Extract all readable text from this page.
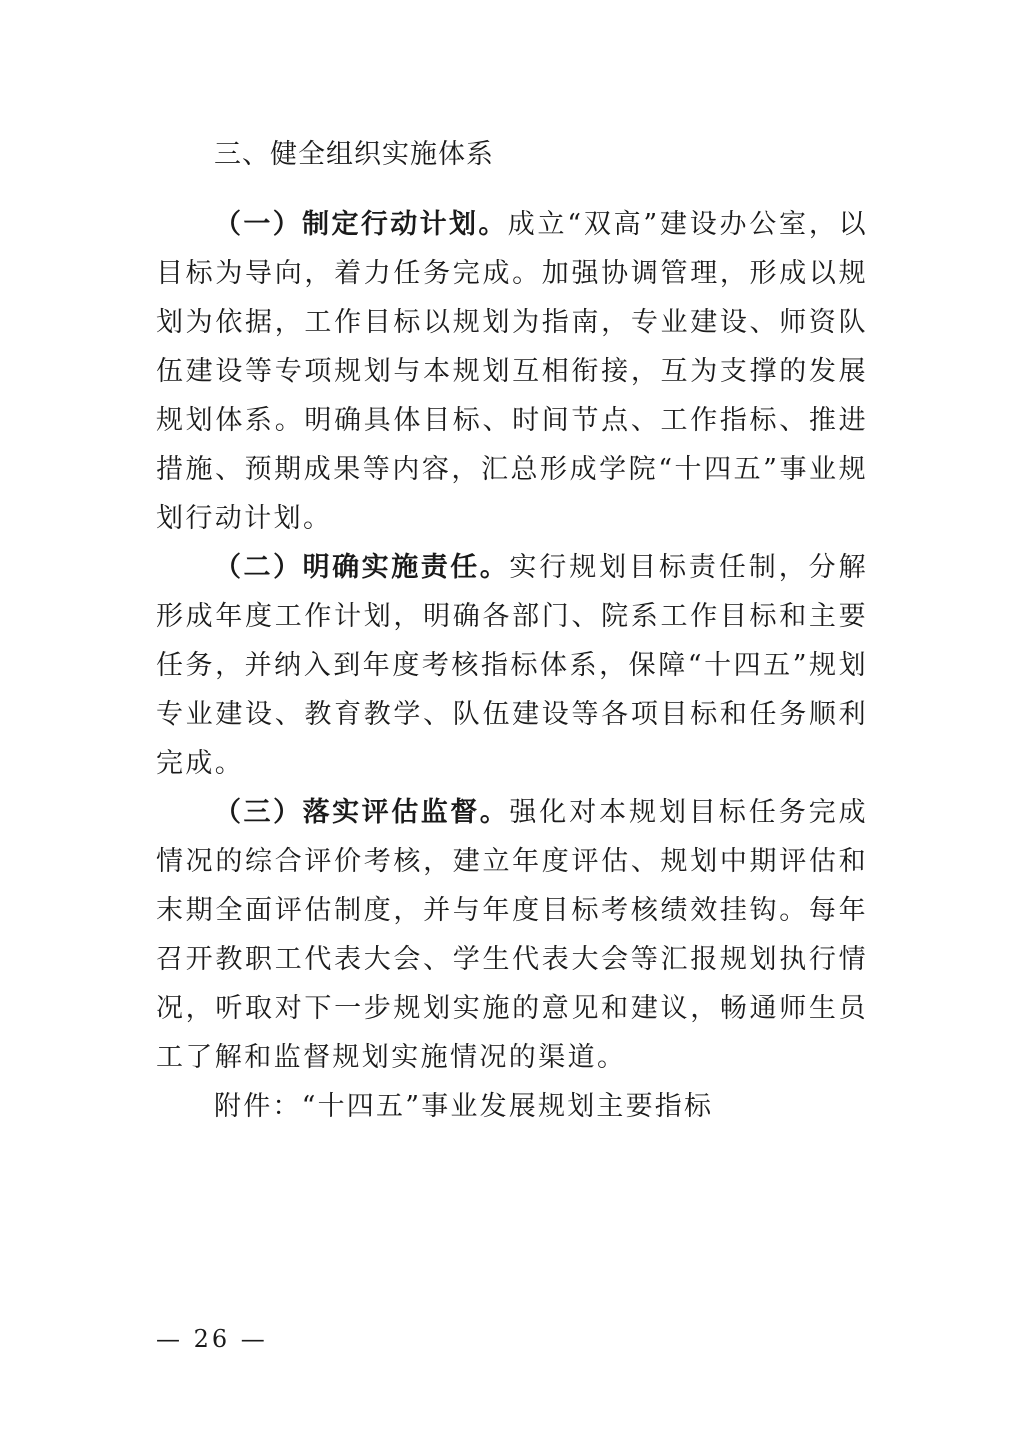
三、健全组织实施体系

（一）制定行动计划。成立“双高”建设办公室，以目标为导向，着力任务完成。加强协调管理，形成以规划为依据，工作目标以规划为指南，专业建设、师资队伍建设等专项规划与本规划互相衔接，互为支撑的发展规划体系。明确具体目标、时间节点、工作指标、推进措施、预期成果等内容，汇总形成学院“十四五”事业规划行动计划。

（二）明确实施责任。实行规划目标责任制，分解形成年度工作计划，明确各部门、院系工作目标和主要任务，并纳入到年度考核指标体系，保障“十四五”规划专业建设、教育教学、队伍建设等各项目标和任务顺利完成。

（三）落实评估监督。强化对本规划目标任务完成情况的综合评价考核，建立年度评估、规划中期评估和末期全面评估制度，并与年度目标考核绩效挂钩。每年召开教职工代表大会、学生代表大会等汇报规划执行情况，听取对下一步规划实施的意见和建议，畅通师生员工了解和监督规划实施情况的渠道。

附件：“十四五”事业发展规划主要指标

— 26 —
